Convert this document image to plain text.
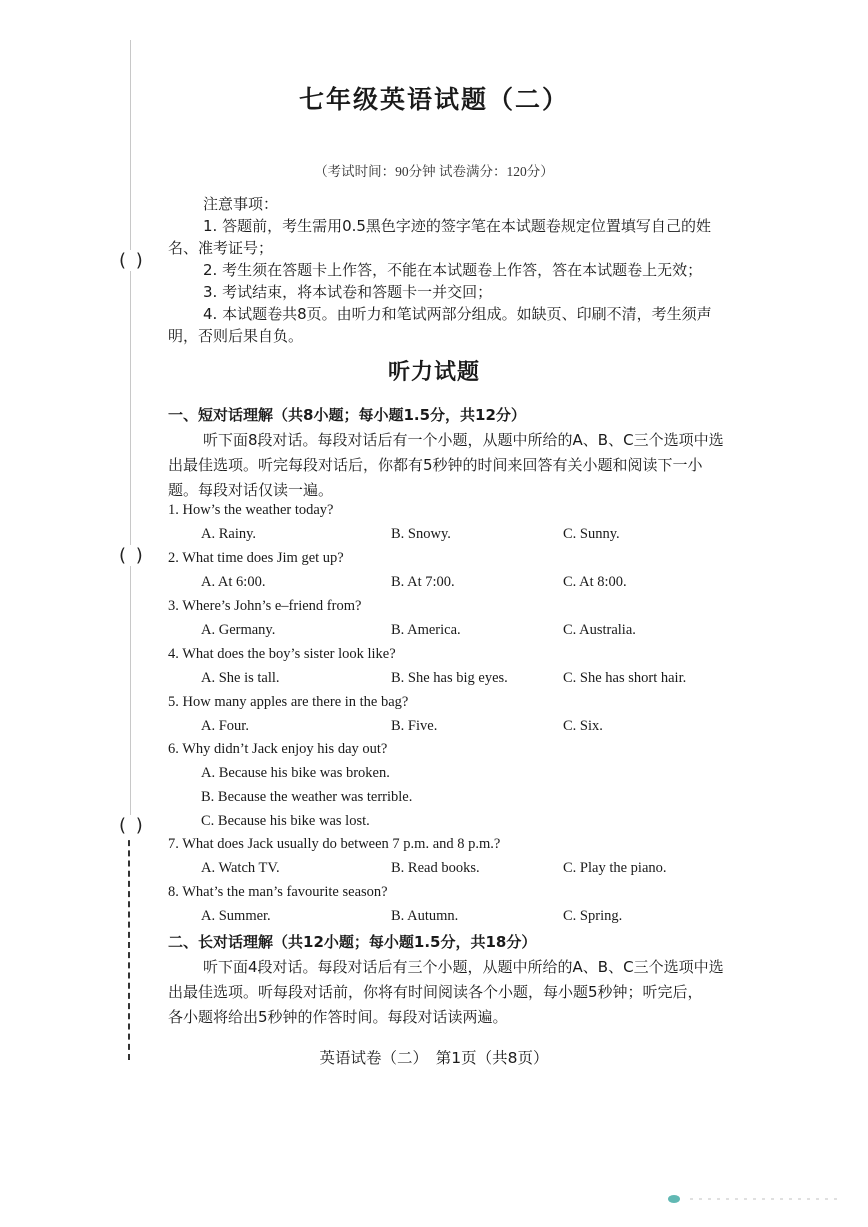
( )
( )
( )
七年级英语试题（二）
（考试时间：90分钟 试卷满分：120分）
注意事项：
1. 答题前，考生需用0.5黑色字迹的签字笔在本试题卷规定位置填写自己的姓
名、准考证号；
2. 考生须在答题卡上作答，不能在本试题卷上作答，答在本试题卷上无效；
3. 考试结束，将本试卷和答题卡一并交回；
4. 本试题卷共8页。由听力和笔试两部分组成。如缺页、印刷不清，考生须声
明，否则后果自负。
听力试题
一、短对话理解（共8小题；每小题1.5分，共12分）
听下面8段对话。每段对话后有一个小题，从题中所给的A、B、C三个选项中选
出最佳选项。听完每段对话后，你都有5秒钟的时间来回答有关小题和阅读下一小
题。每段对话仅读一遍。
1. How’s the weather today?
A. Rainy.	B. Snowy.	C. Sunny.
2. What time does Jim get up?
A. At 6:00.	B. At 7:00.	C. At 8:00.
3. Where’s John’s e–friend from?
A. Germany.	B. America.	C. Australia.
4. What does the boy’s sister look like?
A. She is tall.	B. She has big eyes.	C. She has short hair.
5. How many apples are there in the bag?
A. Four.	B. Five.	C. Six.
6. Why didn’t Jack enjoy his day out?
A. Because his bike was broken.
B. Because the weather was terrible.
C. Because his bike was lost.
7. What does Jack usually do between 7 p.m. and 8 p.m.?
A. Watch TV.	B. Read books.	C. Play the piano.
8. What’s the man’s favourite season?
A. Summer.	B. Autumn.	C. Spring.
二、长对话理解（共12小题；每小题1.5分，共18分）
听下面4段对话。每段对话后有三个小题，从题中所给的A、B、C三个选项中选
出最佳选项。听每段对话前，你将有时间阅读各个小题，每小题5秒钟；听完后，
各小题将给出5秒钟的作答时间。每段对话读两遍。
英语试卷（二）　第1页（共8页）
